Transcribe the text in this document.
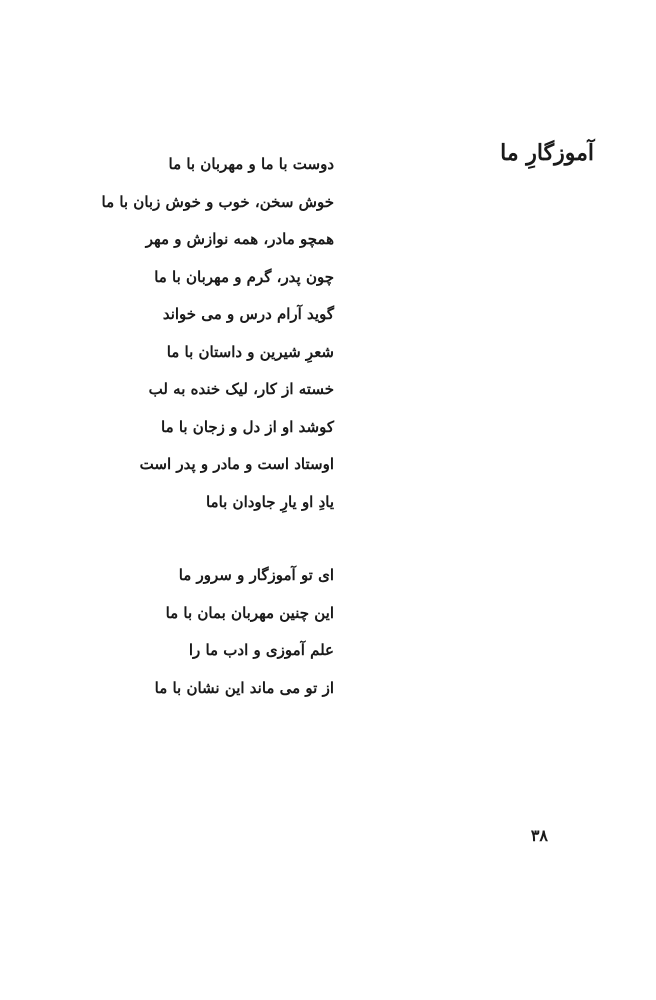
آموزگارِ ما
دوست با ما و مهربان با ما
خوش سخن، خوب و خوش زبان با ما
همچو مادر، همه نوازش و مهر
چون پدر، گرم و مهربان با ما
گوید آرام درس و می خواند
شعرِ شیرین و داستان با ما
خسته از کار، لیک خنده به لب
کوشد او از دل و زجان با ما
اوستاد است و مادر و پدر است
یادِ او یارِ جاودان باما
ای تو آموزگار و سرور ما
این چنین مهربان بمان با ما
علم آموزی و ادب ما را
از تو می ماند این نشان با ما
۳۸
